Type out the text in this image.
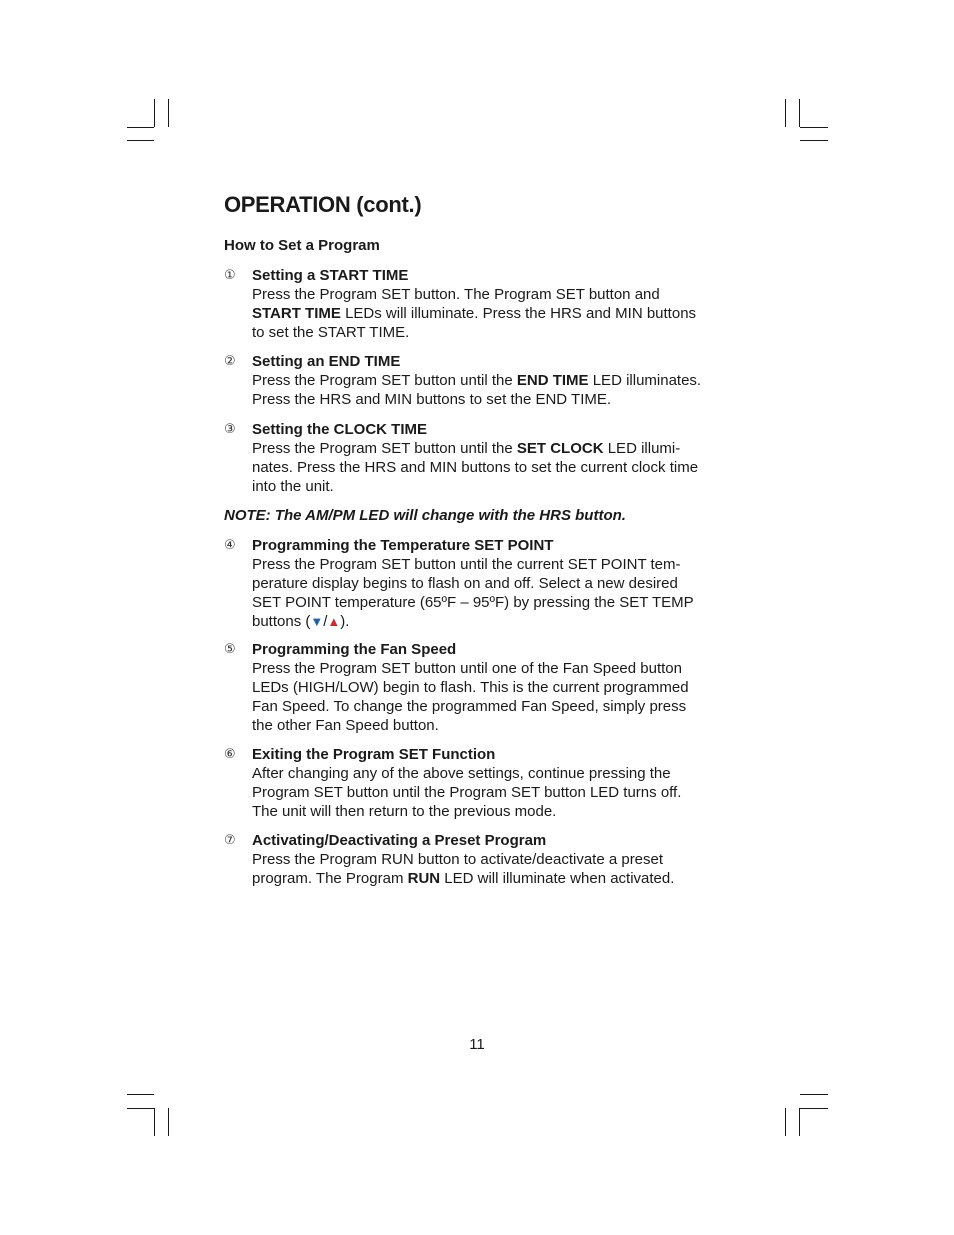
OPERATION (cont.)
How to Set a Program
① Setting a START TIME
Press the Program SET button. The Program SET button and
START TIME LEDs will illuminate. Press the HRS and MIN buttons
to set the START TIME.
② Setting an END TIME
Press the Program SET button until the END TIME LED illuminates.
Press the HRS and MIN buttons to set the END TIME.
③ Setting the CLOCK TIME
Press the Program SET button until the SET CLOCK LED illumi-
nates. Press the HRS and MIN buttons to set the current clock time
into the unit.
NOTE: The AM/PM LED will change with the HRS button.
④ Programming the Temperature SET POINT
Press the Program SET button until the current SET POINT tem-
perature display begins to flash on and off. Select a new desired
SET POINT temperature (65ºF – 95ºF) by pressing the SET TEMP
buttons (▼/▲).
⑤ Programming the Fan Speed
Press the Program SET button until one of the Fan Speed button
LEDs (HIGH/LOW) begin to flash. This is the current programmed
Fan Speed. To change the programmed Fan Speed, simply press
the other Fan Speed button.
⑥ Exiting the Program SET Function
After changing any of the above settings, continue pressing the
Program SET button until the Program SET button LED turns off.
The unit will then return to the previous mode.
⑦ Activating/Deactivating a Preset Program
Press the Program RUN button to activate/deactivate a preset
program. The Program RUN LED will illuminate when activated.
11
